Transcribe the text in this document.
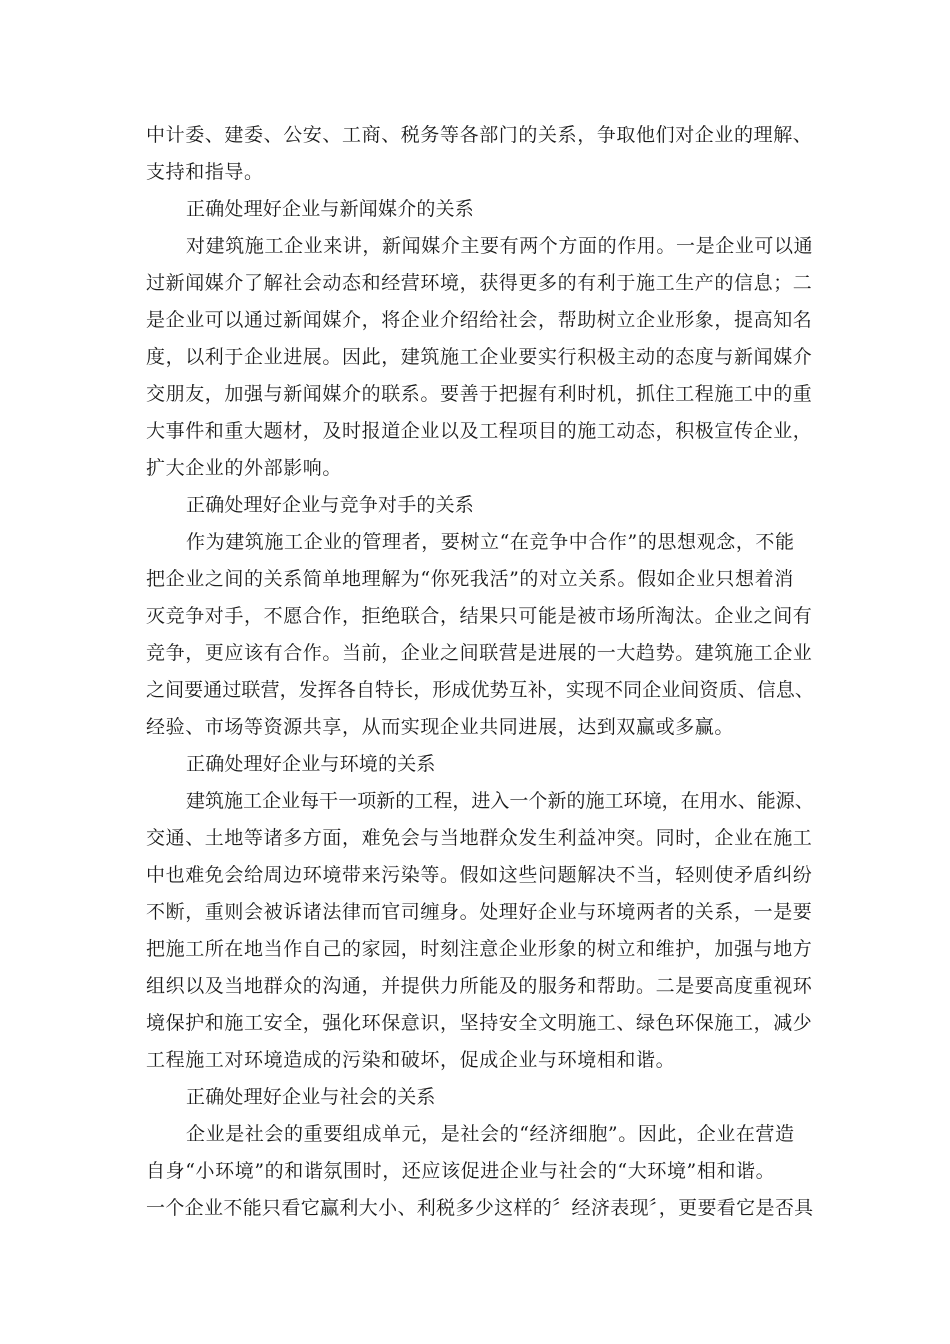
中计委、建委、公安、工商、税务等各部门的关系，争取他们对企业的理解、
支持和指导。
正确处理好企业与新闻媒介的关系
对建筑施工企业来讲，新闻媒介主要有两个方面的作用。一是企业可以通
过新闻媒介了解社会动态和经营环境，获得更多的有利于施工生产的信息；二
是企业可以通过新闻媒介，将企业介绍给社会，帮助树立企业形象，提高知名
度，以利于企业进展。因此，建筑施工企业要实行积极主动的态度与新闻媒介
交朋友，加强与新闻媒介的联系。要善于把握有利时机，抓住工程施工中的重
大事件和重大题材，及时报道企业以及工程项目的施工动态，积极宣传企业，
扩大企业的外部影响。
正确处理好企业与竞争对手的关系
作为建筑施工企业的管理者，要树立“在竞争中合作”的思想观念，不能
把企业之间的关系简单地理解为“你死我活”的对立关系。假如企业只想着消
灭竞争对手，不愿合作，拒绝联合，结果只可能是被市场所淘汰。企业之间有
竞争，更应该有合作。当前，企业之间联营是进展的一大趋势。建筑施工企业
之间要通过联营，发挥各自特长，形成优势互补，实现不同企业间资质、信息、
经验、市场等资源共享，从而实现企业共同进展，达到双赢或多赢。
正确处理好企业与环境的关系
建筑施工企业每干一项新的工程，进入一个新的施工环境，在用水、能源、
交通、土地等诸多方面，难免会与当地群众发生利益冲突。同时，企业在施工
中也难免会给周边环境带来污染等。假如这些问题解决不当，轻则使矛盾纠纷
不断，重则会被诉诸法律而官司缠身。处理好企业与环境两者的关系，一是要
把施工所在地当作自己的家园，时刻注意企业形象的树立和维护，加强与地方
组织以及当地群众的沟通，并提供力所能及的服务和帮助。二是要高度重视环
境保护和施工安全，强化环保意识，坚持安全文明施工、绿色环保施工，减少
工程施工对环境造成的污染和破坏，促成企业与环境相和谐。
正确处理好企业与社会的关系
企业是社会的重要组成单元，是社会的“经济细胞”。因此，企业在营造
自身“小环境”的和谐氛围时，还应该促进企业与社会的“大环境”相和谐。
一个企业不能只看它赢利大小、利税多少这样的〞经济表现〞，更要看它是否具
